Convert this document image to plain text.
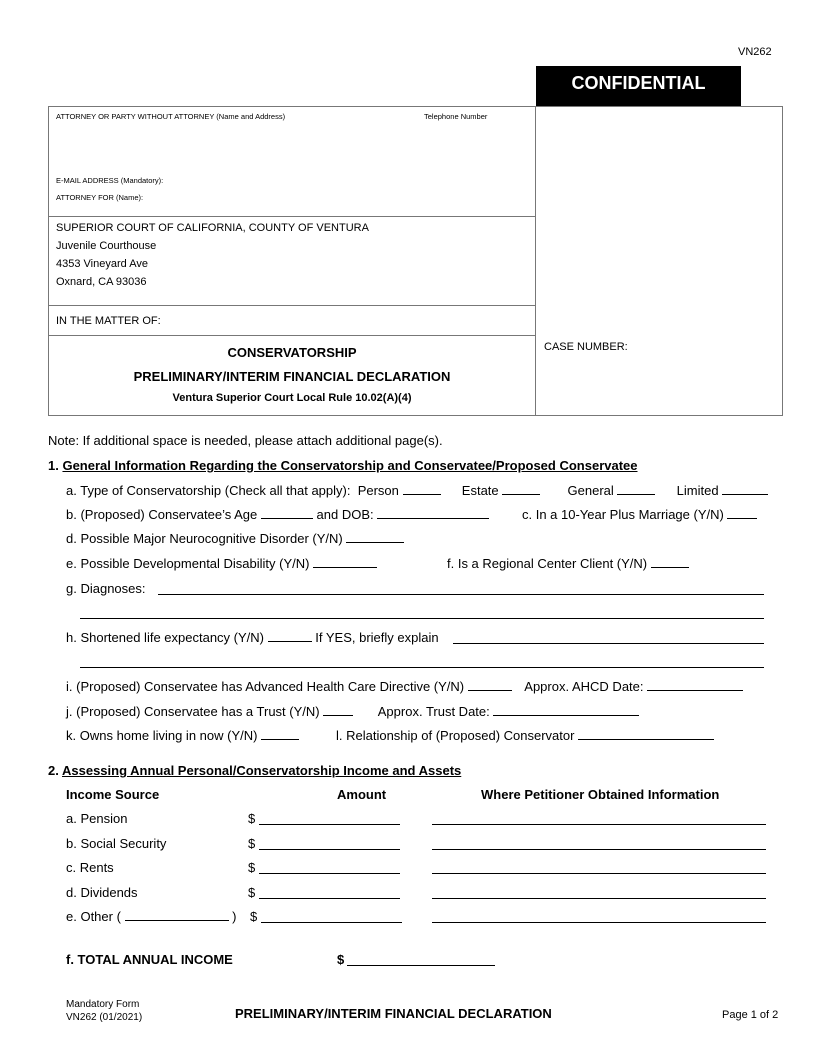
VN262
CONFIDENTIAL
ATTORNEY OR PARTY WITHOUT ATTORNEY (Name and Address)	Telephone Number
E-MAIL ADDRESS (Mandatory):
ATTORNEY FOR (Name):
SUPERIOR COURT OF CALIFORNIA, COUNTY OF VENTURA
Juvenile Courthouse
4353 Vineyard Ave
Oxnard, CA 93036
IN THE MATTER OF:
CONSERVATORSHIP
PRELIMINARY/INTERIM FINANCIAL DECLARATION
Ventura Superior Court Local Rule 10.02(A)(4)
CASE NUMBER:
Note: If additional space is needed, please attach additional page(s).
1. General Information Regarding the Conservatorship and Conservatee/Proposed Conservatee
a. Type of Conservatorship (Check all that apply): Person	Estate	General	Limited
b. (Proposed) Conservatee’s Age	and DOB:	c. In a 10-Year Plus Marriage (Y/N)
d. Possible Major Neurocognitive Disorder (Y/N)
e. Possible Developmental Disability (Y/N)	f. Is a Regional Center Client (Y/N)
g. Diagnoses:
h. Shortened life expectancy (Y/N)	If YES, briefly explain
i. (Proposed) Conservatee has Advanced Health Care Directive (Y/N)	Approx. AHCD Date:
j. (Proposed) Conservatee has a Trust (Y/N)	Approx. Trust Date:
k. Owns home living in now (Y/N)	l. Relationship of (Proposed) Conservator
2. Assessing Annual Personal/Conservatorship Income and Assets
Income Source	Amount	Where Petitioner Obtained Information
a. Pension	$
b. Social Security	$
c. Rents	$
d. Dividends	$
e. Other (	) $
f. TOTAL ANNUAL INCOME	$
Mandatory Form
VN262 (01/2021)	PRELIMINARY/INTERIM FINANCIAL DECLARATION	Page 1 of 2
